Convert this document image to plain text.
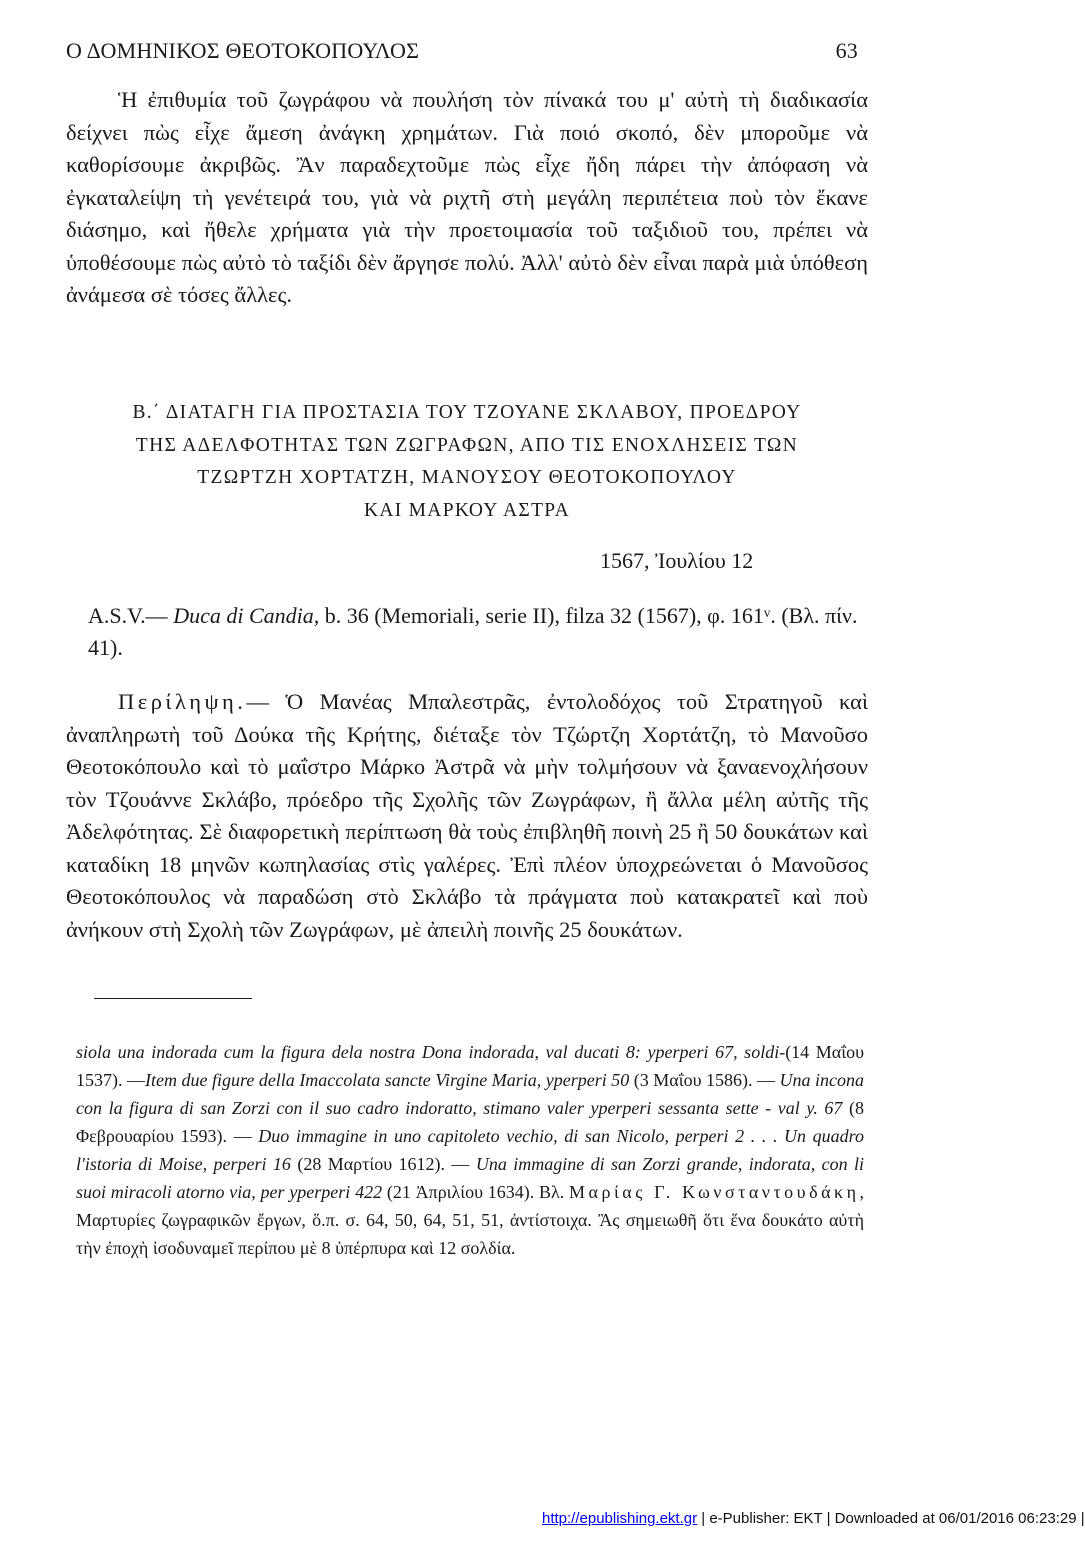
Ο ΔΟΜΗΝΙΚΟΣ ΘΕΟΤΟΚΟΠΟΥΛΟΣ	63

Ἡ ἐπιθυμία τοῦ ζωγράφου νὰ πουλήση τὸν πίνακά του μ' αὐτὴ τὴ διαδικασία δείχνει πὼς εἶχε ἄμεση ἀνάγκη χρημάτων. Γιὰ ποιό σκοπό, δὲν μποροῦμε νὰ καθορίσουμε ἀκριβῶς. Ἂν παραδεχτοῦμε πὼς εἶχε ἤδη πάρει τὴν ἀπόφαση νὰ ἐγκαταλείψη τὴ γενέτειρά του, γιὰ νὰ ριχτῆ στὴ μεγάλη περιπέτεια ποὺ τὸν ἔκανε διάσημο, καὶ ἤθελε χρήματα γιὰ τὴν προετοιμασία τοῦ ταξιδιοῦ του, πρέπει νὰ ὑποθέσουμε πὼς αὐτὸ τὸ ταξίδι δὲν ἄργησε πολύ. Ἀλλ' αὐτὸ δὲν εἶναι παρὰ μιὰ ὑπόθεση ἀνάμεσα σὲ τόσες ἄλλες.

Β.΄ ΔΙΑΤΑΓΗ ΓΙΑ ΠΡΟΣΤΑΣΙΑ ΤΟΥ ΤΖΟΥΑΝΕ ΣΚΛΑΒΟΥ, ΠΡΟΕΔΡΟΥ
ΤΗΣ ΑΔΕΛΦΟΤΗΤΑΣ ΤΩΝ ΖΩΓΡΑΦΩΝ, ΑΠΟ ΤΙΣ ΕΝΟΧΛΗΣΕΙΣ ΤΩΝ
ΤΖΩΡΤΖΗ ΧΟΡΤΑΤΖΗ, ΜΑΝΟΥΣΟΥ ΘΕΟΤΟΚΟΠΟΥΛΟΥ
ΚΑΙ ΜΑΡΚΟΥ ΑΣΤΡΑ
1567, Ἰουλίου 12

A.S.V.— Duca di Candia, b. 36 (Memoriali, serie II), filza 32 (1567), φ. 161ᵛ. (Βλ. πίν. 41).

Περίληψη.— Ὁ Μανέας Μπαλεστρᾶς, ἐντολοδόχος τοῦ Στρατηγοῦ καὶ ἀναπληρωτὴ τοῦ Δούκα τῆς Κρήτης, διέταξε τὸν Τζώρτζη Χορτάτζη, τὸ Μανοῦσο Θεοτοκόπουλο καὶ τὸ μαΐστρο Μάρκο Ἀστρᾶ νὰ μὴν τολμήσουν νὰ ξαναενοχλήσουν τὸν Τζουάννε Σκλάβο, πρόεδρο τῆς Σχολῆς τῶν Ζωγράφων, ἢ ἄλλα μέλη αὐτῆς τῆς Ἀδελφότητας. Σὲ διαφορετικὴ περίπτωση θὰ τοὺς ἐπιβληθῆ ποινὴ 25 ἢ 50 δουκάτων καὶ καταδίκη 18 μηνῶν κωπηλασίας στὶς γαλέρες. Ἐπὶ πλέον ὑποχρεώνεται ὁ Μανοῦσος Θεοτοκόπουλος νὰ παραδώση στὸ Σκλάβο τὰ πράγματα ποὺ κατακρατεῖ καὶ ποὺ ἀνήκουν στὴ Σχολὴ τῶν Ζωγράφων, μὲ ἀπειλὴ ποινῆς 25 δουκάτων.

siola una indorada cum la figura dela nostra Dona indorada, val ducati 8: yperperi 67, soldi-(14 Μαΐου 1537). —Item due figure della Imaccolata sancte Virgine Maria, yperperi 50 (3 Μαΐου 1586). — Una incona con la figura di san Zorzi con il suo cadro indoratto, stimano valer yperperi sessanta sette - val y. 67 (8 Φεβρουαρίου 1593). — Duo immagine in uno capitoleto vechio, di san Nicolo, perperi 2 . . . Un quadro l'istoria di Moise, perperi 16 (28 Μαρτίου 1612). — Una immagine di san Zorzi grande, indorata, con li suoi miracoli atorno via, per yperperi 422 (21 Ἀπριλίου 1634). Βλ. Μαρίας Γ. Κωνσταντουδάκη, Μαρτυρίες ζωγραφικῶν ἔργων, ὅ.π. σ. 64, 50, 64, 51, 51, ἀντίστοιχα. Ἂς σημειωθῆ ὅτι ἕνα δουκάτο αὐτὴ τὴν ἐποχὴ ἰσοδυναμεῖ περίπου μὲ 8 ὑπέρπυρα καὶ 12 σολδία.

http://epublishing.ekt.gr | e-Publisher: EKT | Downloaded at 06/01/2016 06:23:29 |
